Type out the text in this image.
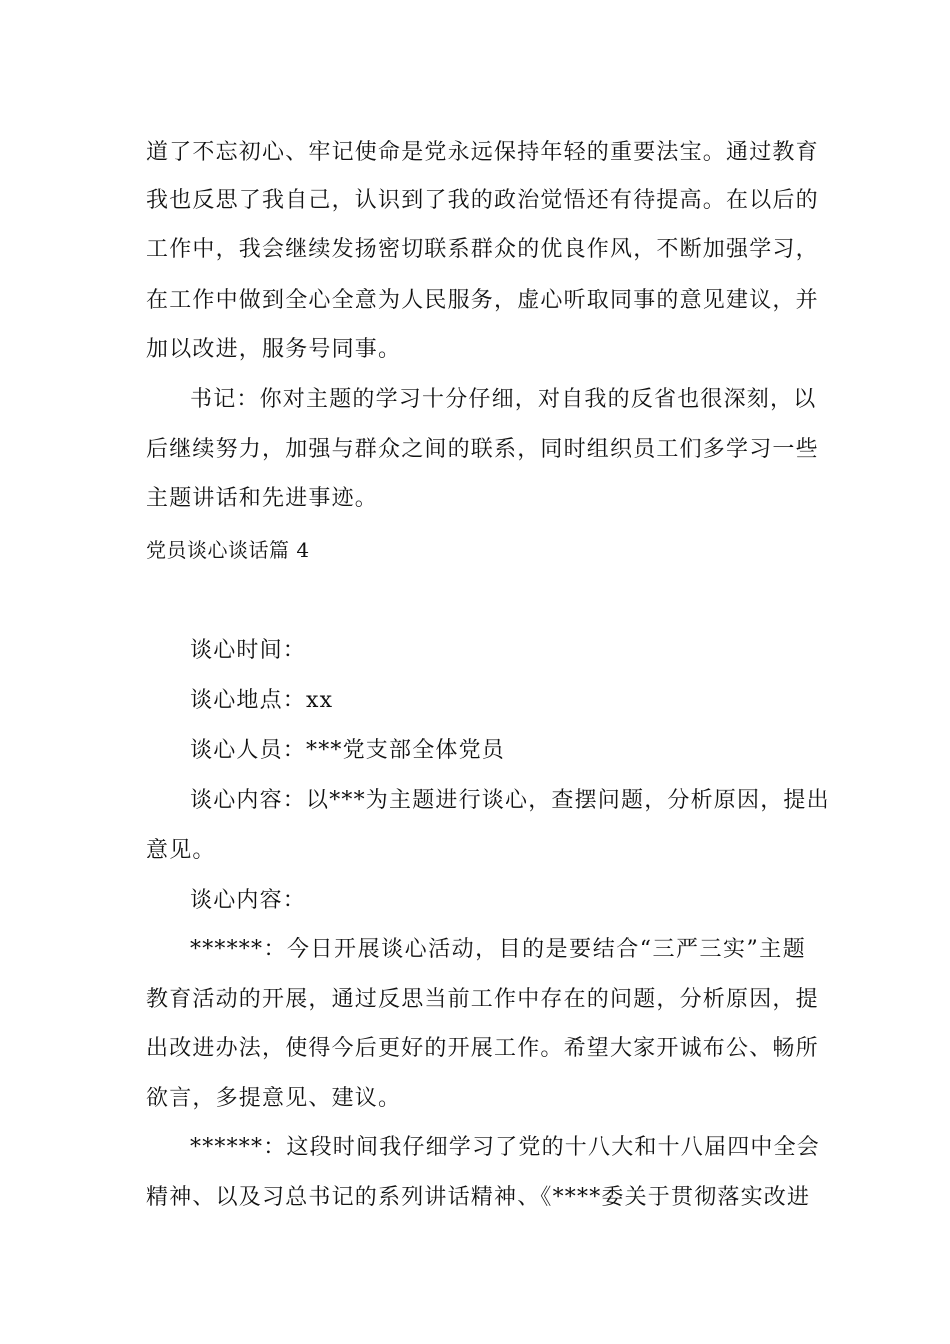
道了不忘初心、牢记使命是党永远保持年轻的重要法宝。通过教育
我也反思了我自己，认识到了我的政治觉悟还有待提高。在以后的
工作中，我会继续发扬密切联系群众的优良作风，不断加强学习，
在工作中做到全心全意为人民服务，虚心听取同事的意见建议，并
加以改进，服务号同事。
书记：你对主题的学习十分仔细，对自我的反省也很深刻，以
后继续努力，加强与群众之间的联系，同时组织员工们多学习一些
主题讲话和先进事迹。
党员谈心谈话篇 4
谈心时间：
谈心地点：xx
谈心人员：***党支部全体党员
谈心内容：以***为主题进行谈心，查摆问题，分析原因，提出
意见。
谈心内容：
******：今日开展谈心活动，目的是要结合“三严三实”主题
教育活动的开展，通过反思当前工作中存在的问题，分析原因，提
出改进办法，使得今后更好的开展工作。希望大家开诚布公、畅所
欲言，多提意见、建议。
******：这段时间我仔细学习了党的十八大和十八届四中全会
精神、以及习总书记的系列讲话精神、《****委关于贯彻落实改进
